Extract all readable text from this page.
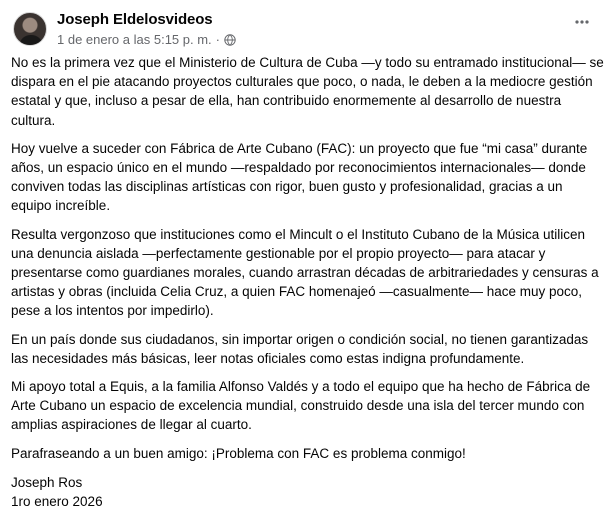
Joseph Eldelosvideos
1 de enero a las 5:15 p. m. ·
No es la primera vez que el Ministerio de Cultura de Cuba —y todo su entramado institucional— se
dispara en el pie atacando proyectos culturales que poco, o nada, le deben a la mediocre gestión
estatal y que, incluso a pesar de ella, han contribuido enormemente al desarrollo de nuestra
cultura.
Hoy vuelve a suceder con Fábrica de Arte Cubano (FAC): un proyecto que fue “mi casa” durante
años, un espacio único en el mundo —respaldado por reconocimientos internacionales— donde
conviven todas las disciplinas artísticas con rigor, buen gusto y profesionalidad, gracias a un
equipo increíble.
Resulta vergonzoso que instituciones como el Mincult o el Instituto Cubano de la Música utilicen
una denuncia aislada —perfectamente gestionable por el propio proyecto— para atacar y
presentarse como guardianes morales, cuando arrastran décadas de arbitrariedades y censuras a
artistas y obras (incluida Celia Cruz, a quien FAC homenajeó —casualmente— hace muy poco,
pese a los intentos por impedirlo).
En un país donde sus ciudadanos, sin importar origen o condición social, no tienen garantizadas
las necesidades más básicas, leer notas oficiales como estas indigna profundamente.
Mi apoyo total a Equis, a la familia Alfonso Valdés y a todo el equipo que ha hecho de Fábrica de
Arte Cubano un espacio de excelencia mundial, construido desde una isla del tercer mundo con
amplias aspiraciones de llegar al cuarto.
Parafraseando a un buen amigo: ¡Problema con FAC es problema conmigo!
Joseph Ros
1ro enero 2026
